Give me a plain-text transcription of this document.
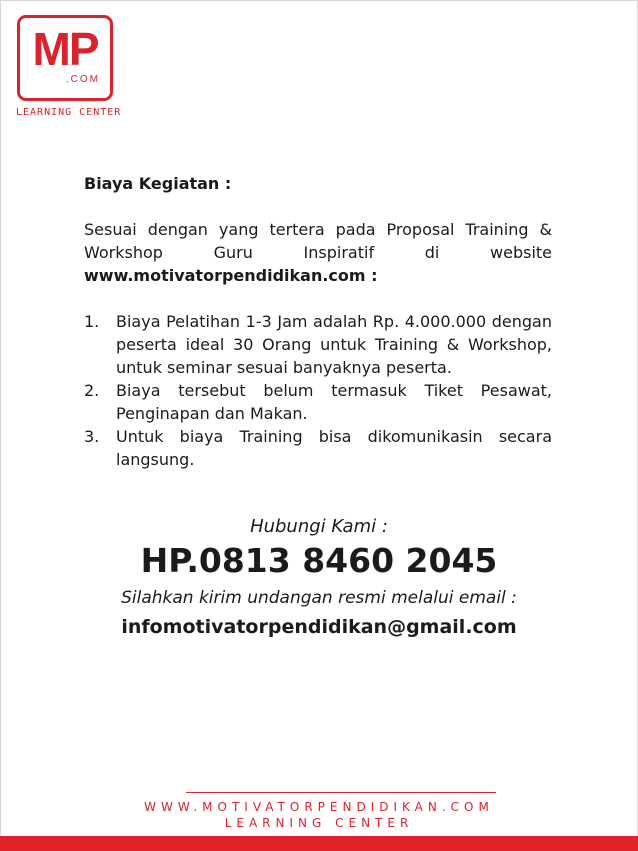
MP
.COM
LEARNING CENTER

Biaya Kegiatan :

Sesuai dengan yang tertera pada Proposal Training & Workshop Guru Inspiratif di website www.motivatorpendidikan.com :

1. Biaya Pelatihan 1-3 Jam adalah Rp. 4.000.000 dengan peserta ideal 30 Orang untuk Training & Workshop, untuk seminar sesuai banyaknya peserta.
2. Biaya tersebut belum termasuk Tiket Pesawat, Penginapan dan Makan.
3. Untuk biaya Training bisa dikomunikasin secara langsung.
Hubungi Kami :
HP.0813 8460 2045
Silahkan kirim undangan resmi melalui email :
infomotivatorpendidikan@gmail.com
WWW.MOTIVATORPENDIDIKAN.COM
LEARNING CENTER
